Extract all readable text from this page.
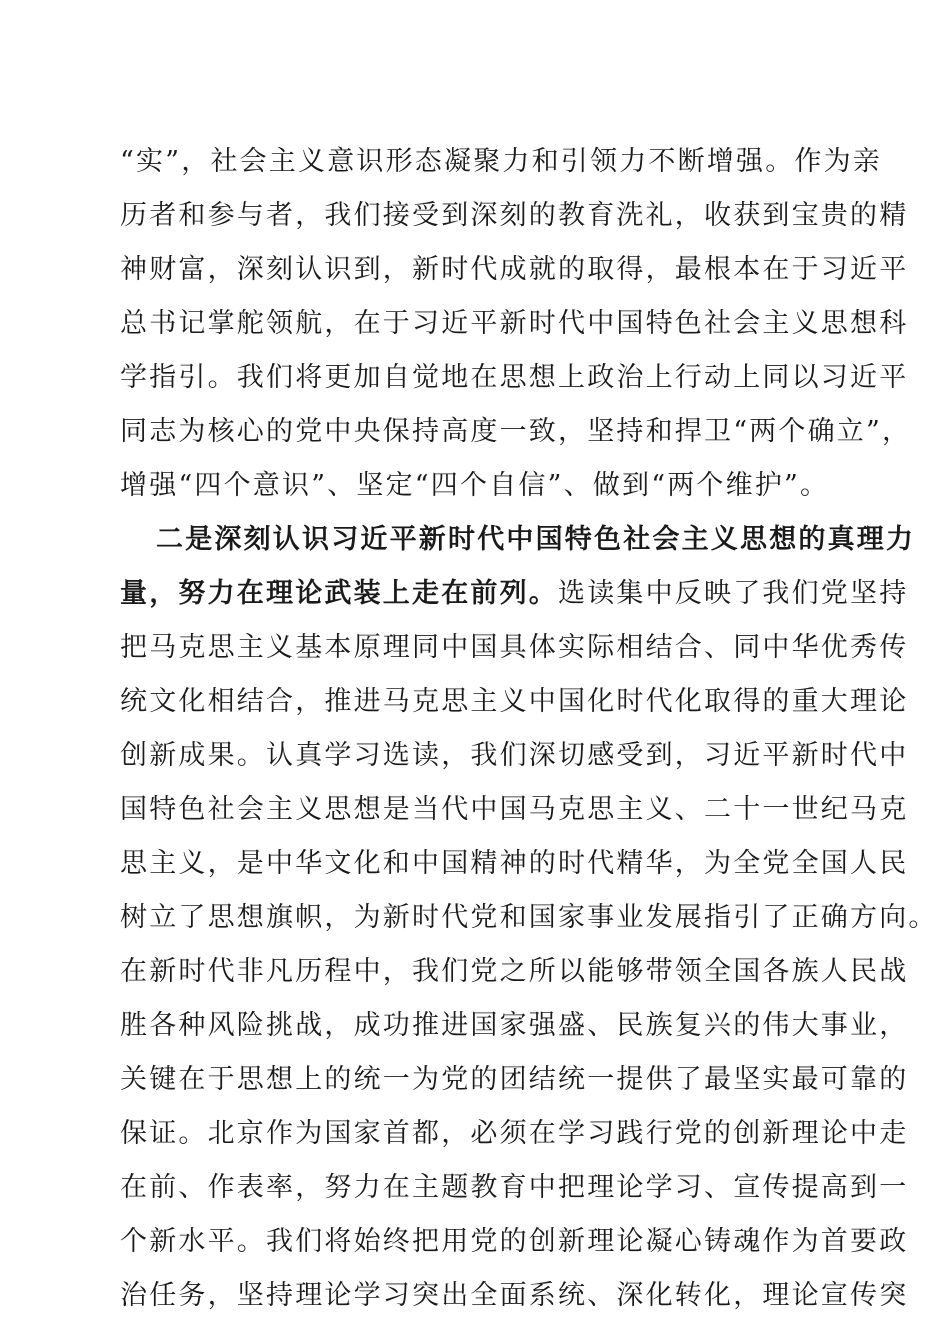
“实”，社会主义意识形态凝聚力和引领力不断增强。作为亲
历者和参与者，我们接受到深刻的教育洗礼，收获到宝贵的精
神财富，深刻认识到，新时代成就的取得，最根本在于习近平
总书记掌舵领航，在于习近平新时代中国特色社会主义思想科
学指引。我们将更加自觉地在思想上政治上行动上同以习近平
同志为核心的党中央保持高度一致，坚持和捍卫“两个确立”，
增强“四个意识”、坚定“四个自信”、做到“两个维护”。
二是深刻认识习近平新时代中国特色社会主义思想的真理力
量，努力在理论武装上走在前列。选读集中反映了我们党坚持
把马克思主义基本原理同中国具体实际相结合、同中华优秀传
统文化相结合，推进马克思主义中国化时代化取得的重大理论
创新成果。认真学习选读，我们深切感受到，习近平新时代中
国特色社会主义思想是当代中国马克思主义、二十一世纪马克
思主义，是中华文化和中国精神的时代精华，为全党全国人民
树立了思想旗帜，为新时代党和国家事业发展指引了正确方向。
在新时代非凡历程中，我们党之所以能够带领全国各族人民战
胜各种风险挑战，成功推进国家强盛、民族复兴的伟大事业，
关键在于思想上的统一为党的团结统一提供了最坚实最可靠的
保证。北京作为国家首都，必须在学习践行党的创新理论中走
在前、作表率，努力在主题教育中把理论学习、宣传提高到一
个新水平。我们将始终把用党的创新理论凝心铸魂作为首要政
治任务，坚持理论学习突出全面系统、深化转化，理论宣传突
